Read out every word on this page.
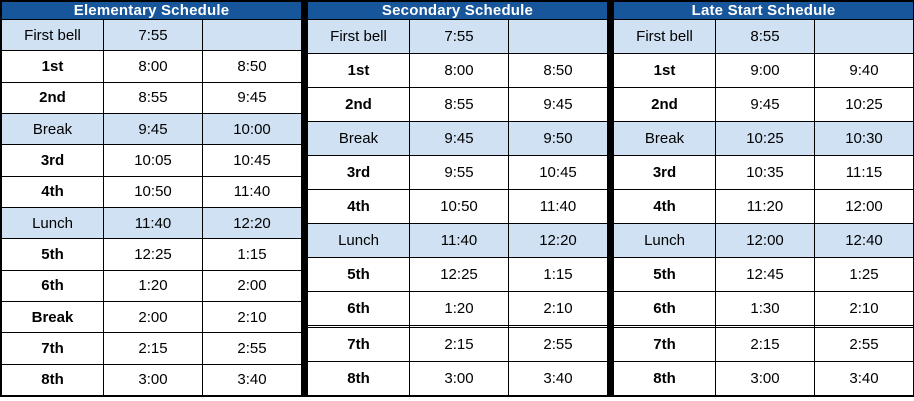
Elementary Schedule		
First bell	7:55	
1st	8:00	8:50
2nd	8:55	9:45
Break	9:45	10:00
3rd	10:05	10:45
4th	10:50	11:40
Lunch	11:40	12:20
5th	12:25	1:15
6th	1:20	2:00
Break	2:00	2:10
7th	2:15	2:55
8th	3:00	3:40
Secondary Schedule		
First bell	7:55	
1st	8:00	8:50
2nd	8:55	9:45
Break	9:45	9:50
3rd	9:55	10:45
4th	10:50	11:40
Lunch	11:40	12:20
5th	12:25	1:15
6th	1:20	2:10

7th	2:15	2:55
8th	3:00	3:40
Late Start Schedule		
First bell	8:55	
1st	9:00	9:40
2nd	9:45	10:25
Break	10:25	10:30
3rd	10:35	11:15
4th	11:20	12:00
Lunch	12:00	12:40
5th	12:45	1:25
6th	1:30	2:10

7th	2:15	2:55
8th	3:00	3:40
